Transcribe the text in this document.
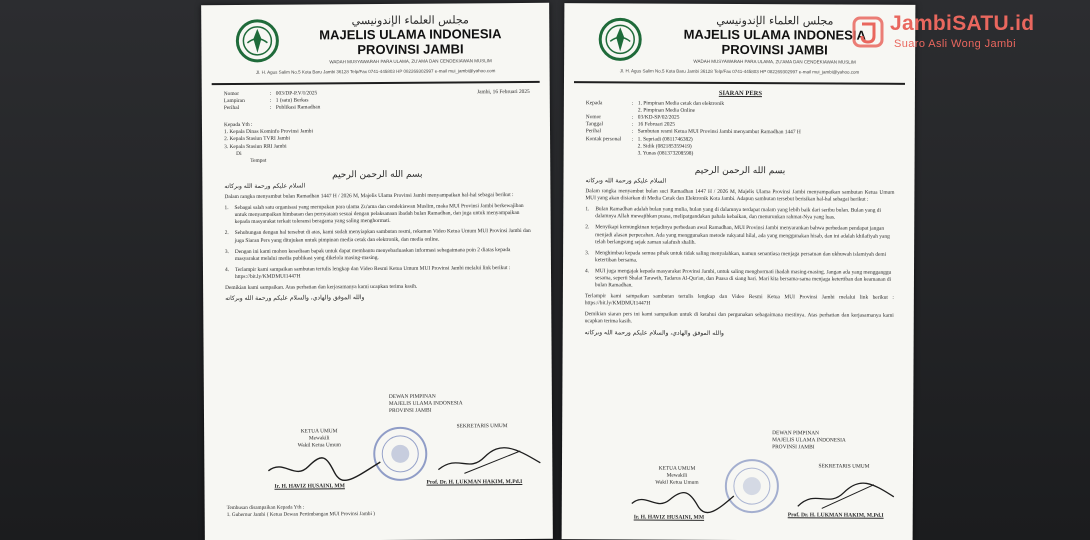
مجلس العلماء الإندونيسي
MAJELIS ULAMA INDONESIA
PROVINSI JAMBI
WADAH MUSYAWARAH PARA ULAMA, ZU'AMA DAN CENDEKIAWAN MUSLIM
Jl. H. Agus Salim No.5 Kota Baru Jambi 36128 Telp/Fax 0741-445803 HP 082269302997 e-mail mui_jambi@yahoo.com
Jambi, 16 Februari 2025
Nomor	: 003/DP-P.V/I/2025
Lampiran	: 1 (satu) Berkas
Perihal	: Publikasi Ramadhan
Kepada Yth :
1. Kepala Dinas Kominfo Provinsi Jambi
2. Kepala Stasiun TVRI Jambi
3. Kepala Stasiun RRI Jambi
Di
Tempat
بسم الله الرحمن الرحيم
السلام عليكم ورحمة الله وبركاته
Dalam rangka menyambut bulan Ramadhan 1447 H / 2026 M, Majelis Ulama Provinsi Jambi menyampaikan hal-hal sebagai berikut :
1.	Sebagai salah satu organisasi yang merupakan para ulama Zu'ama dan cendekiawan Muslim, maka MUI Provinsi Jambi berkewajiban untuk menyampaikan himbauan dan pernyataan sesuai dengan pelaksanaan ibadah bulan Ramadhan, dan juga untuk menyampaikan kepada masyarakat terkait toleransi beragama yang saling menghormati.
2.	Sehubungan dengan hal tersebut di atas, kami sudah menyiapkan sambutan resmi, rekaman Video Ketua Umum MUI Provinsi Jambi dan juga Siaran Pers yang ditujukan untuk pimpinan media cetak dan elektronik, dan media online.
3.	Dengan ini kami mohon kesediaan bapak untuk dapat membantu menyebarluaskan informasi sebagaimana poin 2 diatas kepada masyarakat melalui media publikasi yang dikelola masing-masing.
4.	Terlampir kami sampaikan sambutan tertulis lengkap dan Video Resmi Ketua Umum MUI Provinsi Jambi melalui link berikut : https://bit.ly/KMDMUI1447H
Demikian kami sampaikan. Atas perhatian dan kerjasamanya kami ucapkan terima kasih.
والله الموفق والهادي، والسلام عليكم ورحمة الله وبركاته
DEWAN PIMPINAN
MAJELIS ULAMA INDONESIA
PROVINSI JAMBI
KETUA UMUM
Mewakili
Wakil Ketua Umum
SEKRETARIS UMUM
Ir. H. HAVIZ HUSAINI, MM
Prof. Dr. H. LUKMAN HAKIM, M.Pd.I
Tembusan disampaikan Kepada Yth :
1. Gubernur Jambi ( Ketua Dewan Pertimbangan MUI Provinsi Jambi )
مجلس العلماء الإندونيسي
MAJELIS ULAMA INDONESIA
PROVINSI JAMBI
WADAH MUSYAWARAH PARA ULAMA, ZU'AMA DAN CENDEKIAWAN MUSLIM
Jl. H. Agus Salim No.5 Kota Baru Jambi 36128 Telp/Fax 0741-445803 HP 082269302997 e-mail mui_jambi@yahoo.com
SIARAN PERS
Kepada	: 1. Pimpinan Media cetak dan elektronik
2. Pimpinan Media Online
Nomor	: 03/KD-SP/02/2025
Tanggal	: 16 Februari 2025
Perihal	: Sambutan resmi Ketua MUI Provinsi Jambi menyambut Ramadhan 1447 H
Kontak personal	: 1. Sepriadi (0811746382)
2. Sidik (082185359419)
3. Yunas (081373208598)
بسم الله الرحمن الرحيم
السلام عليكم ورحمة الله وبركاته
Dalam rangka menyambut bulan suci Ramadhan 1447 H / 2026 M, Majelis Ulama Provinsi Jambi menyampaikan sambutan Ketua Umum MUI yang akan disiarkan di Media Cetak dan Elektronik Kota Jambi. Adapun sambutan tersebut berisikan hal-hal sebagai berikut :
1.	Bulan Ramadhan adalah bulan yang mulia, bulan yang di dalamnya terdapat malam yang lebih baik dari seribu bulan. Bulan yang di dalamnya Allah mewajibkan puasa, melipatgandakan pahala kebaikan, dan menurunkan rahmat-Nya yang luas.
2.	Menyikapi kemungkinan terjadinya perbedaan awal Ramadhan, MUI Provinsi Jambi menyarankan bahwa perbedaan pendapat jangan menjadi alasan perpecahan. Ada yang menggunakan metode rukyatul hilal, ada yang menggunakan hisab, dan ini adalah khilafiyah yang telah berlangsung sejak zaman salafush shalih.
3.	Menghimbau kepada semua pihak untuk tidak saling menyalahkan, namun senantiasa menjaga persatuan dan ukhuwah islamiyah demi ketertiban bersama.
4.	MUI juga mengajak kepada masyarakat Provinsi Jambi, untuk saling menghormati ibadah masing-masing. Jangan ada yang mengganggu sesama, seperti Shalat Tarawih, Tadarus Al-Qur'an, dan Puasa di siang hari. Mari kita bersama-sama menjaga ketertiban dan keamanan di bulan Ramadhan.
Terlampir kami sampaikan sambutan tertulis lengkap dan Video Resmi Ketua MUI Provinsi Jambi melalui link berikut : https://bit.ly/KMDMUI1447H
Demikian siaran pers ini kami sampaikan untuk di ketahui dan pergunakan sebagaimana mestinya. Atas perhatian dan kerjasamanya kami ucapkan terima kasih.
والله الموفق والهادي، والسلام عليكم ورحمة الله وبركاته
DEWAN PIMPINAN
MAJELIS ULAMA INDONESIA
PROVINSI JAMBI
KETUA UMUM
Mewakili
Wakil Ketua Umum
SEKRETARIS UMUM
Ir. H. HAVIZ HUSAINI, MM	Prof. Dr. H. LUKMAN HAKIM, M.Pd.I
JambiSATU.id
Suaro Asli Wong Jambi
